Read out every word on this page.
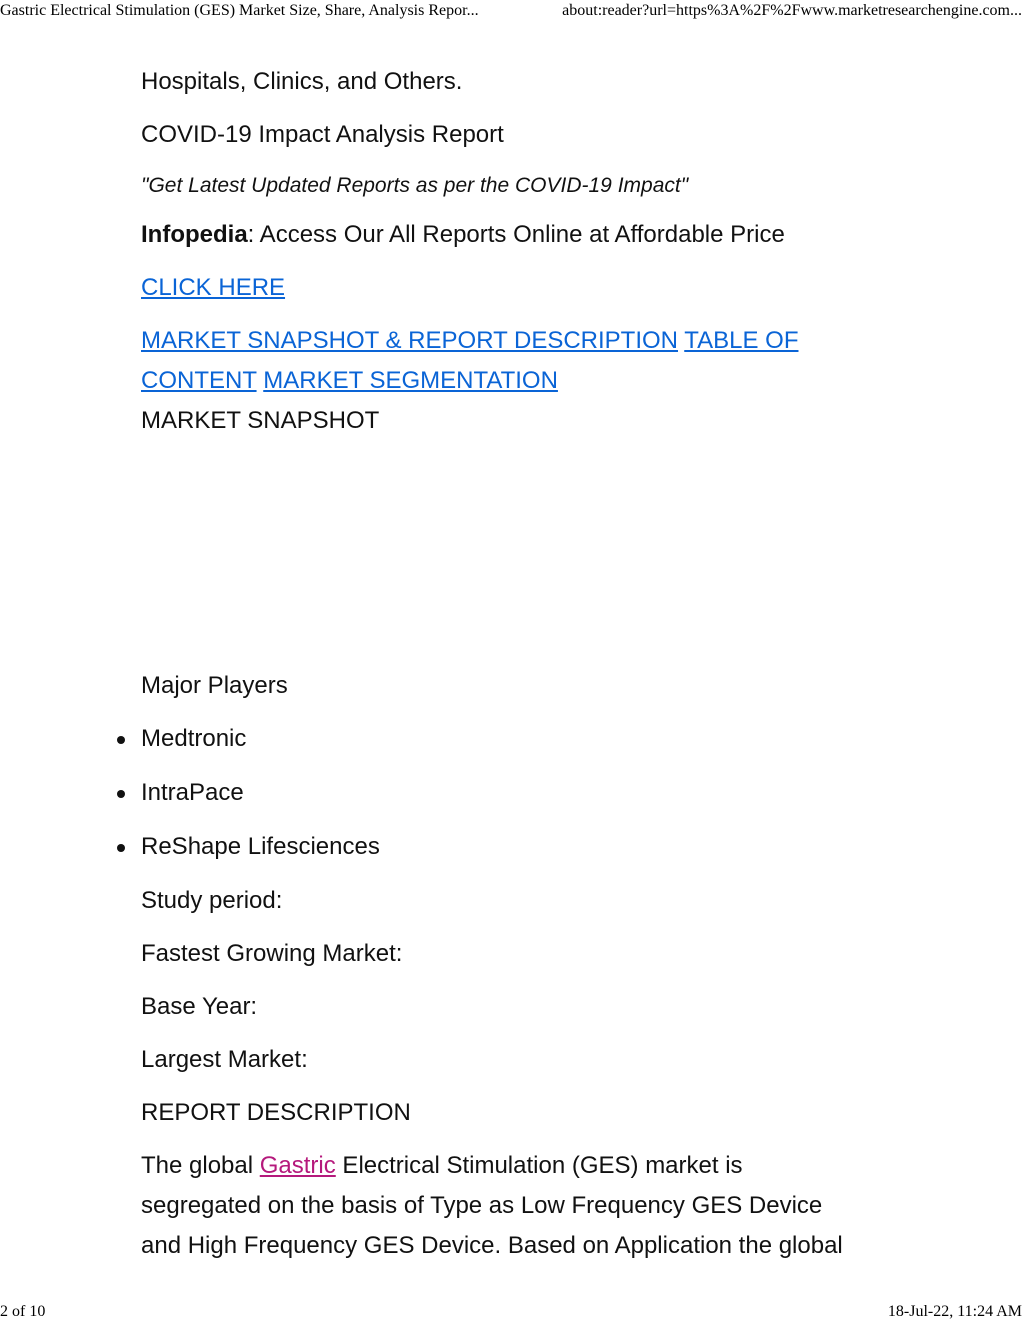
Gastric Electrical Stimulation (GES) Market Size, Share, Analysis Repor...	about:reader?url=https%3A%2F%2Fwww.marketresearchengine.com...
Hospitals, Clinics, and Others.
COVID-19 Impact Analysis Report
"Get Latest Updated Reports as per the COVID-19 Impact"
Infopedia: Access Our All Reports Online at Affordable Price
CLICK HERE
MARKET SNAPSHOT & REPORT DESCRIPTION TABLE OF
CONTENT MARKET SEGMENTATION
MARKET SNAPSHOT
Major Players
Medtronic
IntraPace
ReShape Lifesciences
Study period:
Fastest Growing Market:
Base Year:
Largest Market:
REPORT DESCRIPTION
The global Gastric Electrical Stimulation (GES) market is
segregated on the basis of Type as Low Frequency GES Device
and High Frequency GES Device. Based on Application the global
2 of 10	18-Jul-22, 11:24 AM
